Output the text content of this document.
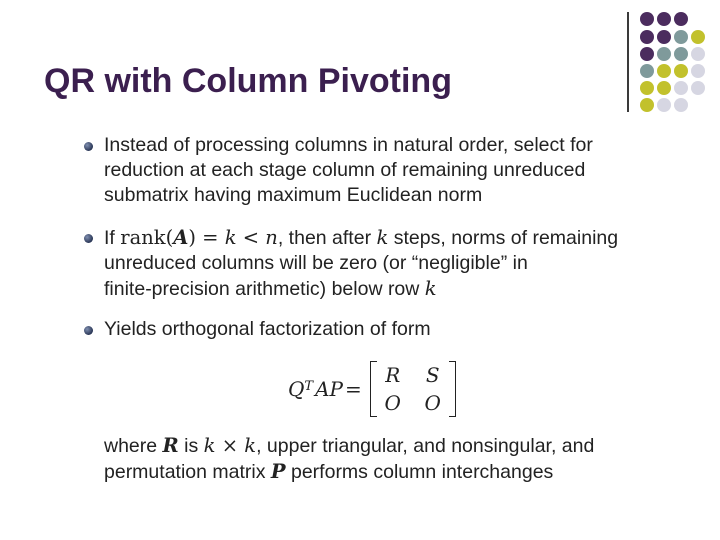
QR with Column Pivoting
Instead of processing columns in natural order, select for
reduction at each stage column of remaining unreduced
submatrix having maximum Euclidean norm
If rank(A) = k < n, then after k steps, norms of remaining
unreduced columns will be zero (or “negligible” in
finite-precision arithmetic) below row k
Yields orthogonal factorization of form
$Q^T$ AP =
R	S
O O
where R is k × k, upper triangular, and nonsingular, and
permutation matrix P performs column interchanges
